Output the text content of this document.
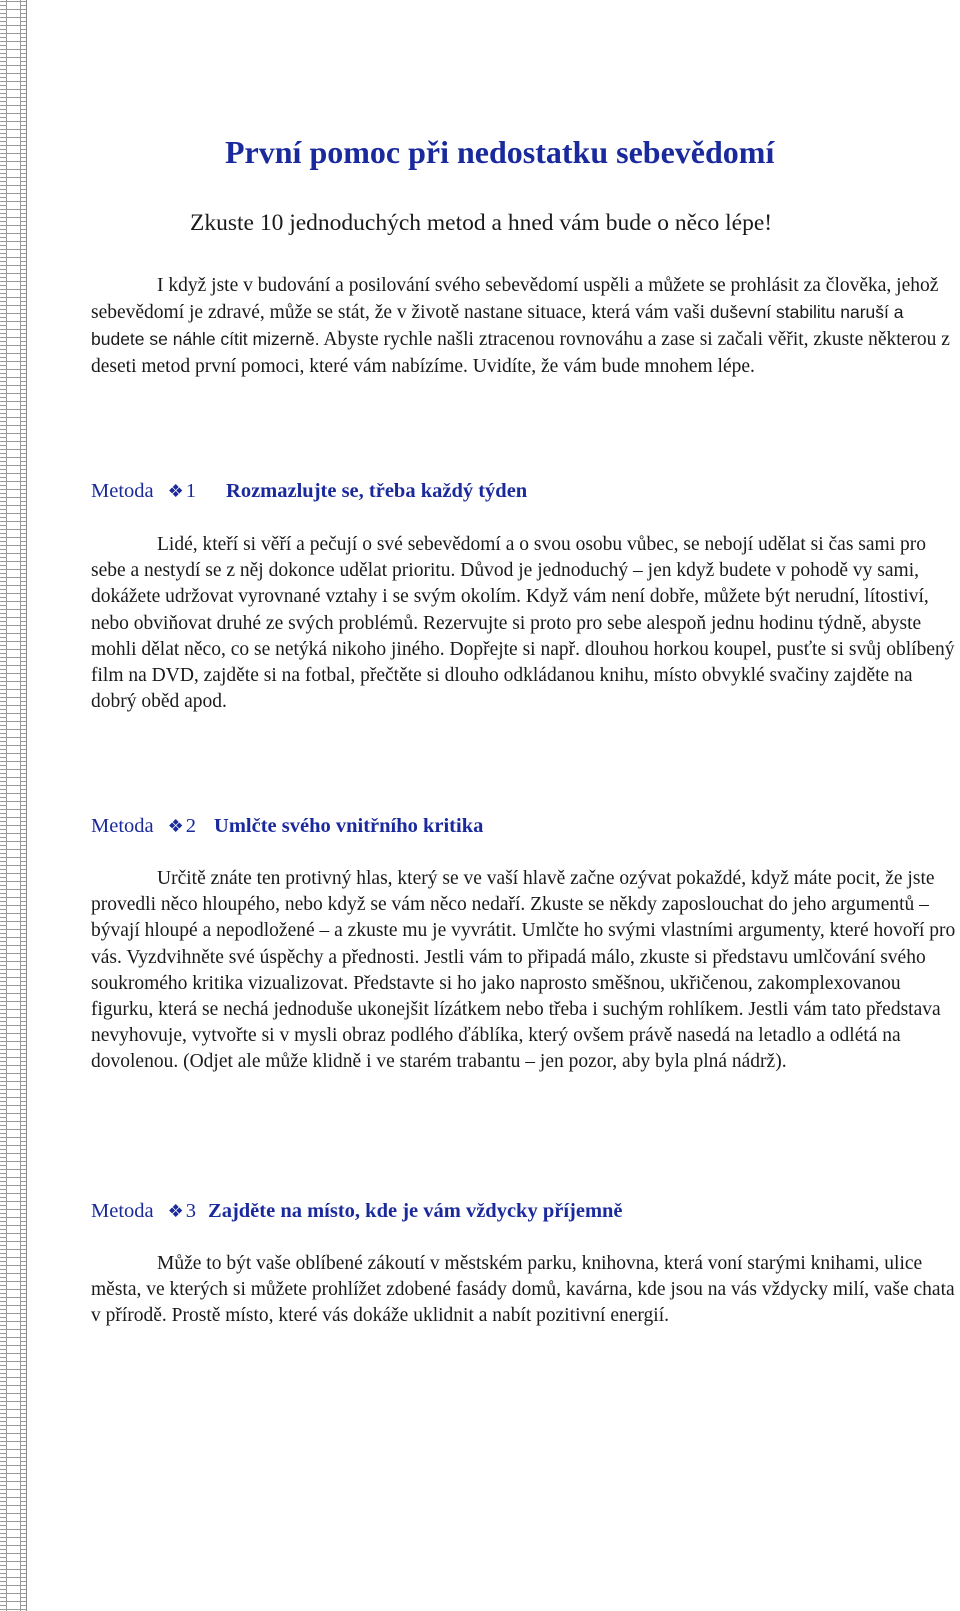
První pomoc při nedostatku sebevědomí
Zkuste 10 jednoduchých metod a hned vám bude o něco lépe!

I když jste v budování a posilování svého sebevědomí uspěli a můžete se prohlásit za člověka, jehož sebevědomí je zdravé, může se stát, že v životě nastane situace, která vám vaši duševní stabilitu naruší a budete se náhle cítit mizerně. Abyste rychle našli ztracenou rovnováhu a zase si začali věřit, zkuste některou z deseti metod první pomoci, které vám nabízíme. Uvidíte, že vám bude mnohem lépe.

Metoda ❖ 1 Rozmazlujte se, třeba každý týden

Lidé, kteří si věří a pečují o své sebevědomí a o svou osobu vůbec, se nebojí udělat si čas sami pro sebe a nestydí se z něj dokonce udělat prioritu. Důvod je jednoduchý – jen když budete v pohodě vy sami, dokážete udržovat vyrovnané vztahy i se svým okolím. Když vám není dobře, můžete být nerudní, lítostiví, nebo obviňovat druhé ze svých problémů. Rezervujte si proto pro sebe alespoň jednu hodinu týdně, abyste mohli dělat něco, co se netýká nikoho jiného. Dopřejte si např. dlouhou horkou koupel, pusťte si svůj oblíbený film na DVD, zajděte si na fotbal, přečtěte si dlouho odkládanou knihu, místo obvyklé svačiny zajděte na dobrý oběd apod.

Metoda ❖ 2 Umlčte svého vnitřního kritika

Určitě znáte ten protivný hlas, který se ve vaší hlavě začne ozývat pokaždé, když máte pocit, že jste provedli něco hloupého, nebo když se vám něco nedaří. Zkuste se někdy zaposlouchat do jeho argumentů – bývají hloupé a nepodložené – a zkuste mu je vyvrátit. Umlčte ho svými vlastními argumenty, které hovoří pro vás. Vyzdvihněte své úspěchy a přednosti. Jestli vám to připadá málo, zkuste si představu umlčování svého soukromého kritika vizualizovat. Představte si ho jako naprosto směšnou, ukřičenou, zakomplexovanou figurku, která se nechá jednoduše ukonejšit lízátkem nebo třeba i suchým rohlíkem. Jestli vám tato představa nevyhovuje, vytvořte si v mysli obraz podlého ďáblíka, který ovšem právě nasedá na letadlo a odlétá na dovolenou. (Odjet ale může klidně i ve starém trabantu – jen pozor, aby byla plná nádrž).

Metoda ❖ 3 Zajděte na místo, kde je vám vždycky příjemně

Může to být vaše oblíbené zákoutí v městském parku, knihovna, která voní starými knihami, ulice města, ve kterých si můžete prohlížet zdobené fasády domů, kavárna, kde jsou na vás vždycky milí, vaše chata v přírodě. Prostě místo, které vás dokáže uklidnit a nabít pozitivní energií.
